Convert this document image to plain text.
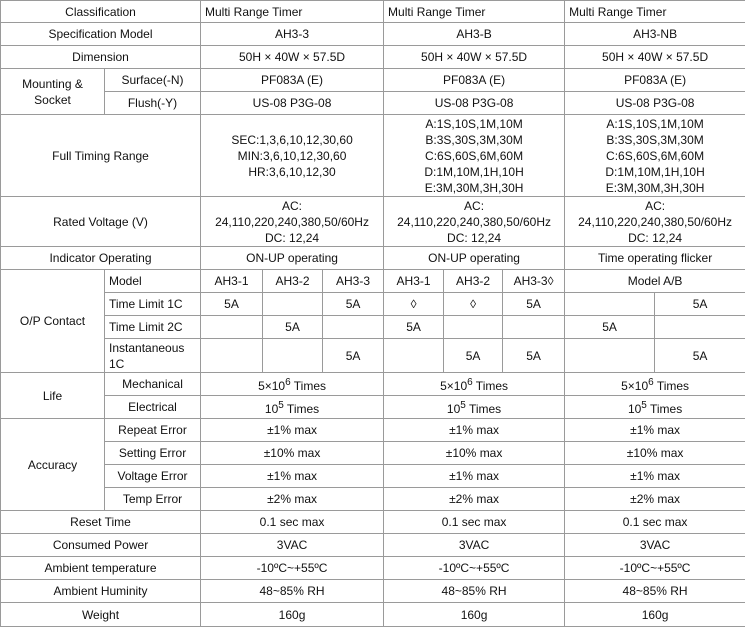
Classification		Multi Range Timer			Multi Range Timer			Multi Range Timer	
Specification Model		AH3-3			AH3-B			AH3-NB	
Dimension		50H × 40W × 57.5D			50H × 40W × 57.5D			50H × 40W × 57.5D	
Mounting & Socket	Surface(-N)	PF083A (E)			PF083A (E)			PF083A (E)	
	Flush(-Y)	US-08 P3G-08			US-08 P3G-08			US-08 P3G-08	
Full Timing Range		SEC:1,3,6,10,12,30,60
MIN:3,6,10,12,30,60
HR:3,6,10,12,30			A:1S,10S,1M,10M
B:3S,30S,3M,30M
C:6S,60S,6M,60M
D:1M,10M,1H,10H
E:3M,30M,3H,30H			A:1S,10S,1M,10M
B:3S,30S,3M,30M
C:6S,60S,6M,60M
D:1M,10M,1H,10H
E:3M,30M,3H,30H	

Rated Voltage (V)		AC:
24,110,220,240,380,50/60Hz
DC: 12,24			AC:
24,110,220,240,380,50/60Hz
DC: 12,24			AC:
24,110,220,240,380,50/60Hz
DC: 12,24	

Indicator Operating		ON-UP operating			ON-UP operating			Time operating flicker	
O/P Contact	Model	AH3-1	AH3-2	AH3-3	AH3-1	AH3-2	AH3-3◊	Model A/B	
	Time Limit 1C	5A		5A	◊	◊	5A		5A
	Time Limit 2C		5A		5A			5A	
	Instantaneous 1C			5A		5A	5A		5A
Life	Mechanical	$5\times 10^6$ Times			$5\times 10^6$ Times			$5\times 10^6$ Times	
	Electrical	$10^5$ Times			$10^5$ Times			$10^5$ Times	
Accuracy	Repeat Error	±1% max			±1% max			±1% max	
	Setting Error	±10% max			±10% max			±10% max	
	Voltage Error	±1% max			±1% max			±1% max	
	Temp Error	±2% max			±2% max			±2% max	
Reset Time		0.1 sec max			0.1 sec max			0.1 sec max	
Consumed Power		3VAC			3VAC			3VAC	
Ambient temperature		-10ºC~+55ºC			-10ºC~+55ºC			-10ºC~+55ºC	
Ambient Huminity		48~85% RH			48~85% RH			48~85% RH	
Weight		160g			160g			160g	
